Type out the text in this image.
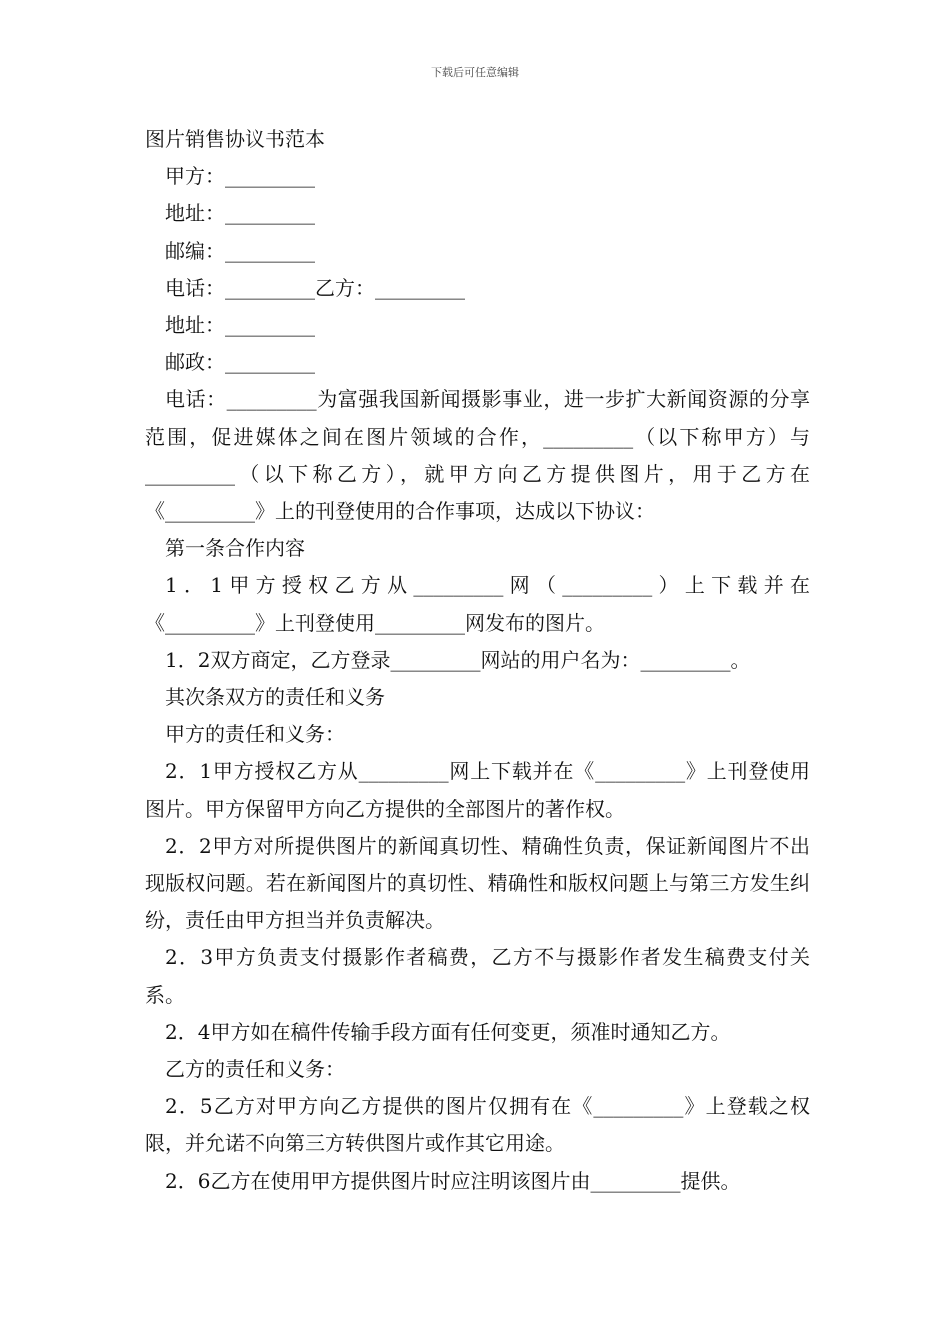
下载后可任意编辑
图片销售协议书范本
甲方：_________
地址：_________
邮编：_________
电话：_________乙方：_________
地址：_________
邮政：_________

电话：_________为富强我国新闻摄影事业，进一步扩大新闻资源的分享范围，促进媒体之间在图片领域的合作，_________（以下称甲方）与_________（以下称乙方），就甲方向乙方提供图片，用于乙方在《_________》上的刊登使用的合作事项，达成以下协议：

第一条合作内容

1．1甲方授权乙方从_________网（_________）上下载并在《_________》上刊登使用_________网发布的图片。

1．2双方商定，乙方登录_________网站的用户名为：_________。

其次条双方的责任和义务
甲方的责任和义务：

2．1甲方授权乙方从_________网上下载并在《_________》上刊登使用图片。甲方保留甲方向乙方提供的全部图片的著作权。

2．2甲方对所提供图片的新闻真切性、精确性负责，保证新闻图片不出现版权问题。若在新闻图片的真切性、精确性和版权问题上与第三方发生纠纷，责任由甲方担当并负责解决。

2．3甲方负责支付摄影作者稿费，乙方不与摄影作者发生稿费支付关系。

2．4甲方如在稿件传输手段方面有任何变更，须准时通知乙方。

乙方的责任和义务：

2．5乙方对甲方向乙方提供的图片仅拥有在《_________》上登载之权限，并允诺不向第三方转供图片或作其它用途。

2．6乙方在使用甲方提供图片时应注明该图片由_________提供。
